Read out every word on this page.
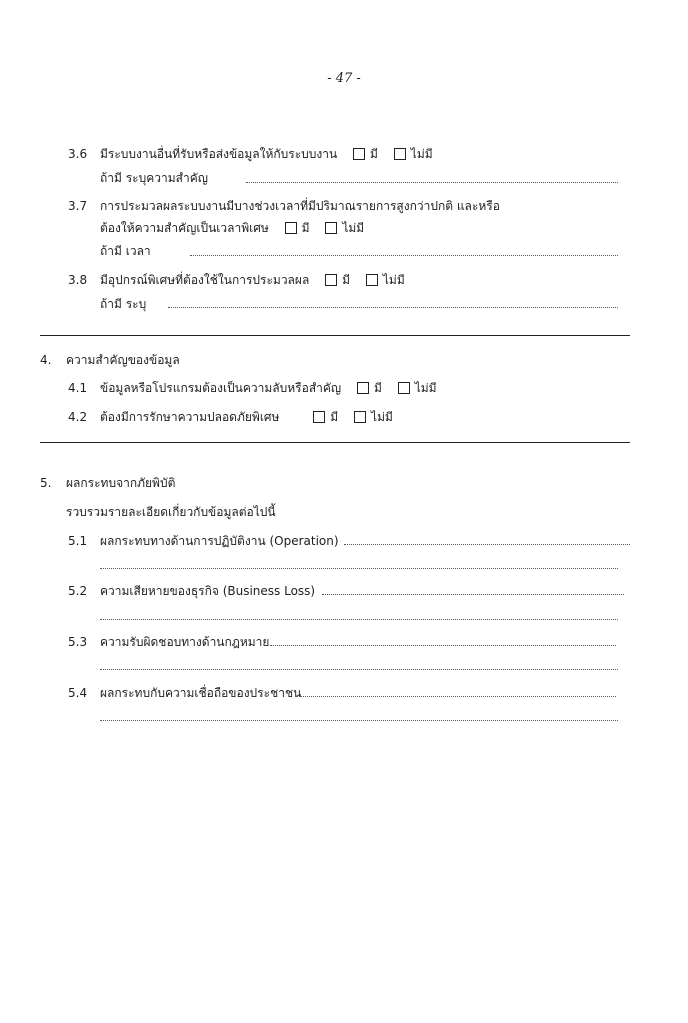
- 47 -
3.6 มีระบบงานอื่นที่รับหรือส่งข้อมูลให้กับระบบงาน	มี	ไม่มี
ถ้ามี ระบุความสำคัญ
3.7 การประมวลผลระบบงานมีบางช่วงเวลาที่มีปริมาณรายการสูงกว่าปกติ และหรือ
ต้องให้ความสำคัญเป็นเวลาพิเศษ	มี	ไม่มี
ถ้ามี เวลา
3.8 มีอุปกรณ์พิเศษที่ต้องใช้ในการประมวลผล	มี	ไม่มี
ถ้ามี ระบุ
4. ความสำคัญของข้อมูล
4.1 ข้อมูลหรือโปรแกรมต้องเป็นความลับหรือสำคัญ	มี	ไม่มี
4.2 ต้องมีการรักษาความปลอดภัยพิเศษ	มี	ไม่มี
5. ผลกระทบจากภัยพิบัติ
รวบรวมรายละเอียดเกี่ยวกับข้อมูลต่อไปนี้
5.1 ผลกระทบทางด้านการปฏิบัติงาน (Operation)
5.2 ความเสียหายของธุรกิจ (Business Loss)
5.3 ความรับผิดชอบทางด้านกฎหมาย
5.4 ผลกระทบกับความเชื่อถือของประชาชน
